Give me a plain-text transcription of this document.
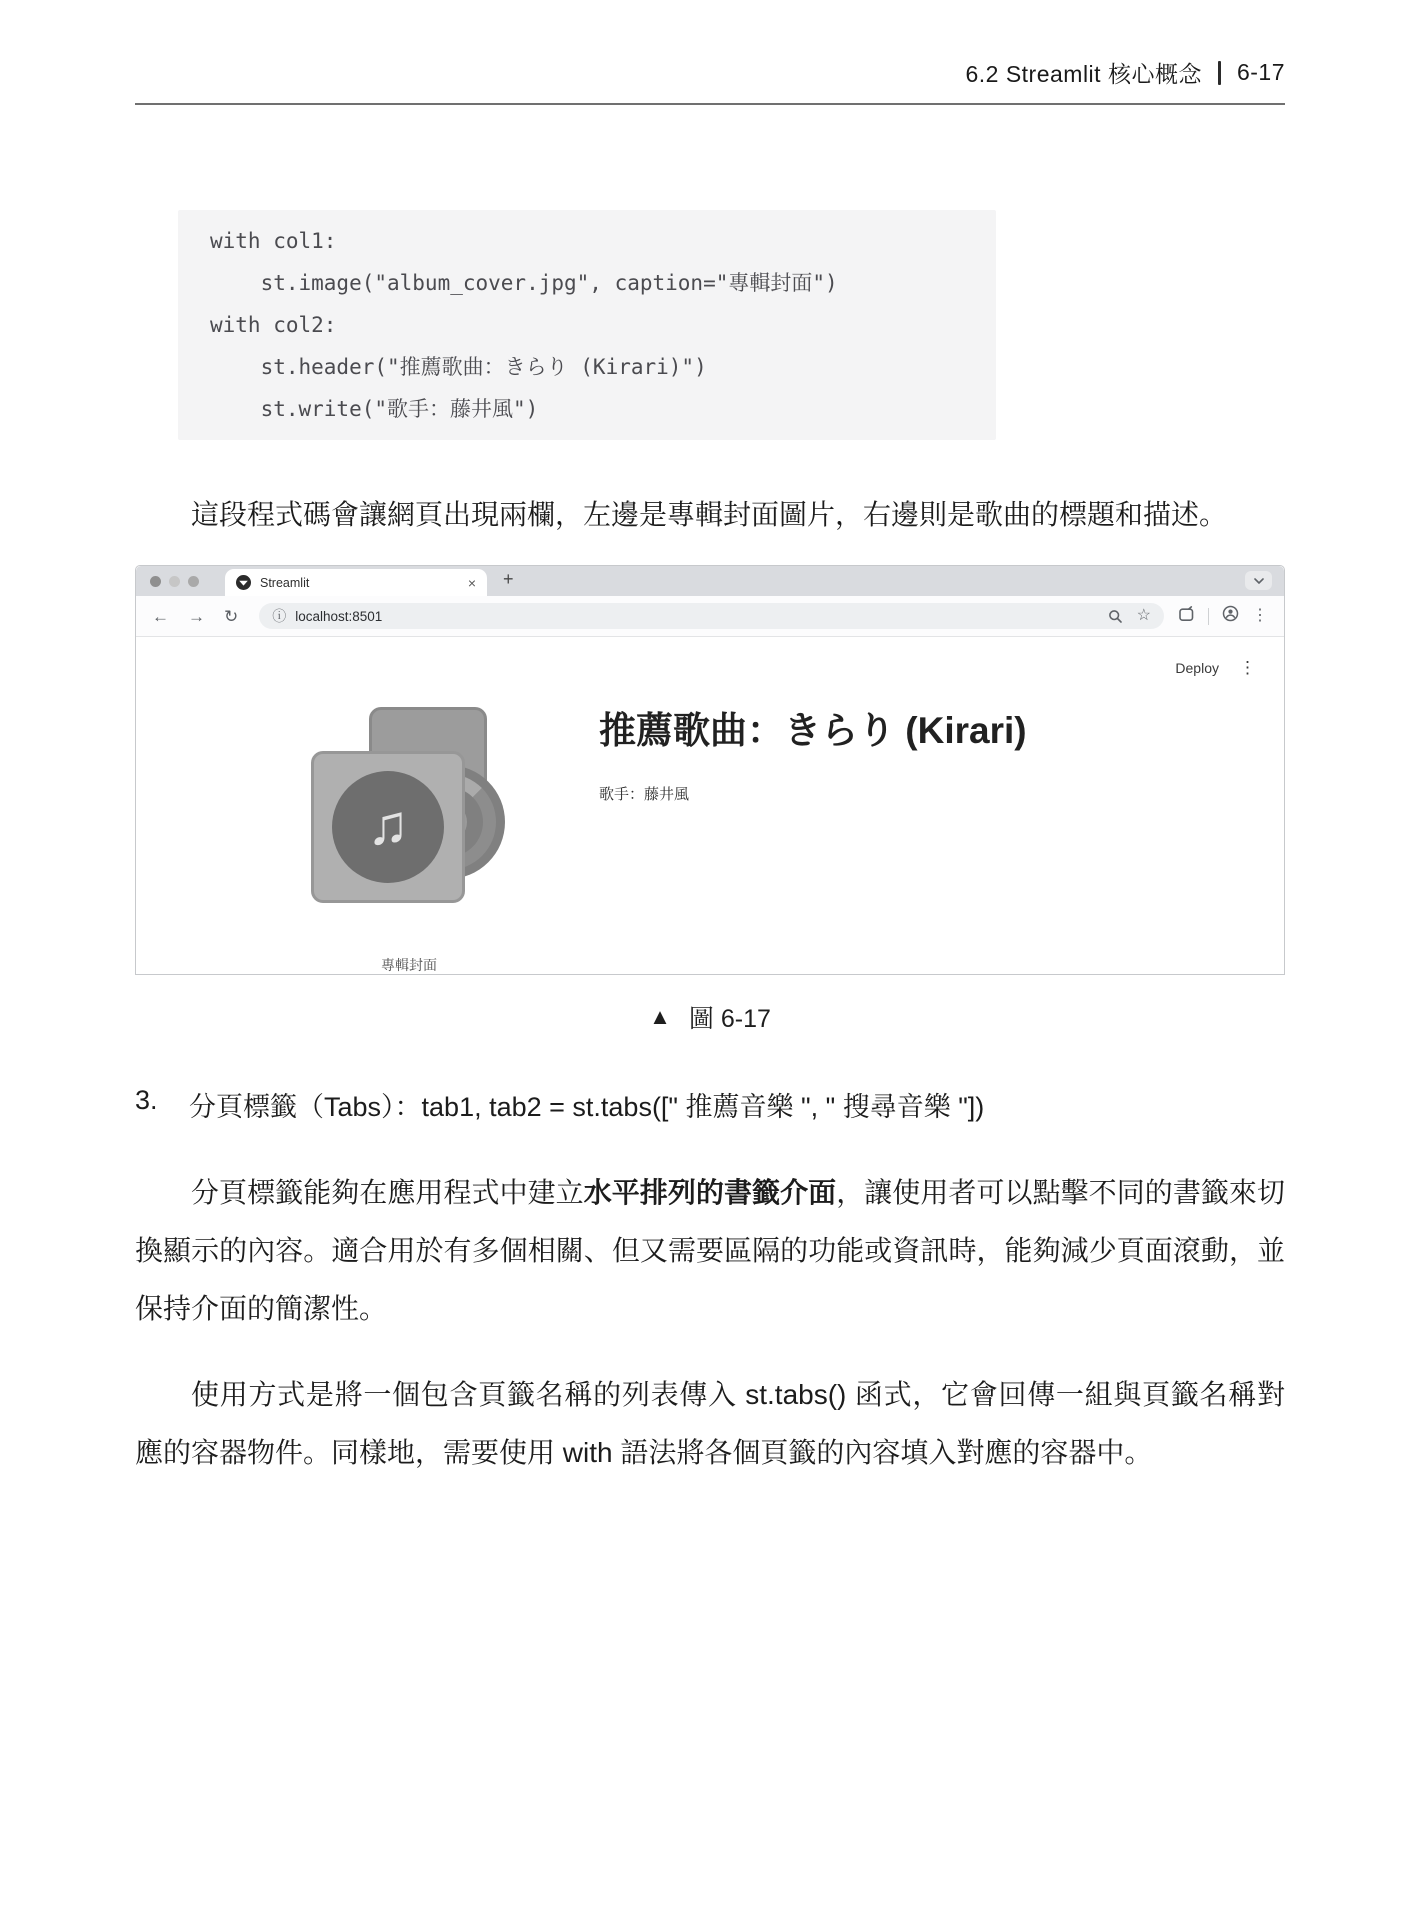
6.2 Streamlit 核心概念 6-17
with col1:
st.image("album_cover.jpg", caption="專輯封面")
with col2:
st.header("推薦歌曲：きらり (Kirari)")
st.write("歌手：藤井風")

這段程式碼會讓網頁出現兩欄，左邊是專輯封面圖片，右邊則是歌曲的標題和描述。

Streamlit	× +
← → ↻ ⓘ localhost:8501	☆	⋮
Deploy ⋮
♫
專輯封面
推薦歌曲：きらり (Kirari)
歌手：藤井風
▲ 圖 6-17
3.	分頁標籤（Tabs）：tab1, tab2 = st.tabs([" 推薦音樂 ", " 搜尋音樂 "])

分頁標籤能夠在應用程式中建立水平排列的書籤介面，讓使用者可以點擊不同的書籤來切換顯示的內容。適合用於有多個相關、但又需要區隔的功能或資訊時，能夠減少頁面滾動，並保持介面的簡潔性。

使用方式是將一個包含頁籤名稱的列表傳入 st.tabs() 函式，它會回傳一組與頁籤名稱對應的容器物件。同樣地，需要使用 with 語法將各個頁籤的內容填入對應的容器中。
